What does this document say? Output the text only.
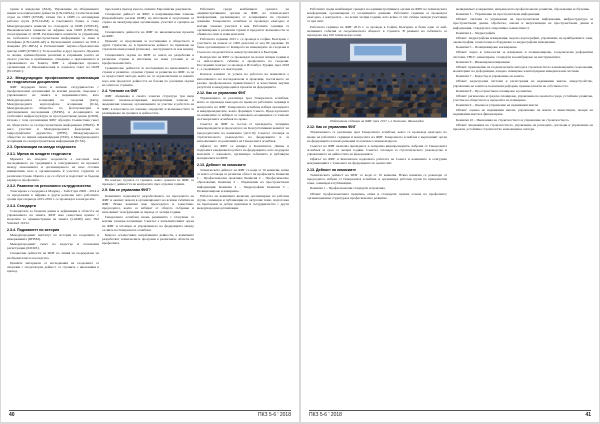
храни и земеделие (FAO), Управление на Обединените нации за космическите дейности (UN-OOSA), Статистическия отдел на ООН (UNSD). Освен тях в ООН са ангажирани работна група (UN-GGIM) и Световната банка, в също Международната комисия по стандарти за ООН (UNECE), Икономическата комисия на Африка към ООН (UNECA), споразумение от ООН. Регионалните комитети за управление на глобалната геопространствена информация за Азия и Пасифика (UN-GGIM-AP) и Регионалният комитет на SDI в Америка (PC-IDEA) и Регионалният научно-образователен център ООН (UNRCC). Този колебае и друг проекта. Проекти за оказва, единнообразни различни и загрижени ролята на своето участие в пребиваване, отвъдване о приложението и управлението на Земята, ФИГ е официален проекта организация от Икономическия и социален съвет на ООН (ECOSOC).

2.2. Международни професионални организации по геодезическа дисциплина

ФИГ поддържа тясно и активно сътрудничество с професионални организации по всички раздели, свързани с управлението на земята и недвижимостите, като Международната асоциация по геодезия (IAG), Международната картографска асоциация (ICA), Международното общество по фотограметрия и дистанционни изследвания (ISPRS), и Асоциацията на глобалната инфраструктура за пространствени данни (GSDI). Основа с тези организации ФИГ образува Съвместния съвет на обществата за геопространствена информация (JBGIS). В него участват и Международната федерация на хидрографските дружества (IFHS), Международното общество по минна маркшайдерия (ISM), и Международната асоциация по геопространствена информация (ICSU).

2.3. Организации на млади геодезисти
2.3.1. Мрежа на младите геодезисти

Мрежата на младите геодезисти е насочена към наследяването на традициите и осигуряването на връзката между поколенията и организирането на вече стотина инициативи, като в организациите й участват студенти от различни страни. Идеята е да се обучат и подготвят за бъдеща кариера в професията.

2.3.2. Развитие на регионално сътрудничество

Тази мрежа е създадена в Мадрид – Тайл Гаун 2008 – 2014 и се продължава в Африка и други региони, като работните срещи през периода 2015-2016 г. се провеждат в конгресите.

2.3.3. Стандарти

Стандартите за базисни данни и дефиниции в областта на управлението на земята, ФИГ има съществен принос с моделите за администрация на земята (LADM) като ISO Standard 19152.

2.3.4. Подкомитет по история

Международният институт по история на геодезията и измерванията (IIHSM).

Международният съвет по кадастър и поземлени регистрации (IOCRE).

Специални дейности на ФИГ по линия на поддържане на изобразителното наследство.

Ценните материали от изследвания на геодезията са свързани с плодотворна дейност от страните с икономики в преход.

пресечната преход към по-силните Европейски документи.

Специално дейност на ФИГ, в комуникационни членове (Европейските регион ООН), на изготвени и подготвени от страна на международни организации, участват в срещите на ФИГ.

Специалните дейности на ФИГ по икономически проекти на ФИГ.

Приемат се проучвания за постижения в обществото и други стратегии, до и практическа дейност по приемане на стратегическия развой (планове) – инструменти за нов начин).

Специалните задачи на ФИГ за опита на разработки в различни страни и изготвяне на нови условия и за професионалистите.

Сравнително дейности за изследвания на икономиката на страни в развитие, отделни страни за развитие на ФИГ, за да се предоставят методи, които не са задоволителни за нашите хора или предлагат дейността на базови по различни задачи на опита на страните.

2.4. Членове на ФИГ

ФИГ обединява в своята членска структура три вида членове: членове-асоциации, корпоративни членове и академични членове; организациите за участие в работата на ФИГ, в качеството на членове, определят и възможностите за разширяване на срещите и дейностите.

На конгрес групата от срещата, която срещата на ФИГ, се проведе с дейността на конгресите през отделни години.

2.5. Как се управлява ФИГ?

Комисиите подпомагат разработването на програмата на ФИГ и оказват помощ в организирането на всички събития на ФИГ. Всяка комисия има председател и заместник-председател, които се избират от общото събрание и изпълняват тези функции за период от четири години.

Генералната асамблея взема решенията с гласуване от всички членове-асоциации. Съветът е изпълнителният орган на ФИГ и отговаря за управлението на федерацията между сесиите на Генералната асамблея.

Бюрото осъществява оперативните дейности, а комисиите разработват техническите програми в различните области на професията.

Работните среди комбинират срещата на административните органи на ФИГ, на техническата конференция, организирана от асоциациите на страната домакин. Генералната асамблея се провежда ежегодно и всички членове участват в нея. Работните седмици са организирани в различни страни и предлагат възможности за обмяна на опит и нови контакти.

Работната седмица 2015 г. се проведе в София, България, с участието на повече от 1000 делегати от над 80 държави. Тя беше организирана от Камарата на инженерите по геодезия и Съюза на геодезистите и земеустроителите в България.

Конгресите на ФИГ се провеждат на всеки четири години и са най-голямото събитие в професията по геодезия. Последният конгрес се проведе в Истанбул, Турция, през 2018 г., а следващият е в Амстердам.

Ключов елемент за успеха на работата на комисиите е използването на изследователи и практици, постигането на реална професионална приемственост и качествени научни резултати в международните проекти на федерацията.

2.12. Как се управлява ФИГ

Управлението се реализира чрез Генералната асамблея, която се провежда ежегодно по време на работните седмици и конгресите на ФИГ. Генералната асамблея избира президента и вицепрезидентите, които формират Съвета. Председателите на комисиите се избират от членовете-асоциации и са членове на Генералната асамблея по право.

Съветът на ФИГ се състои от президента, четирима вицепрезиденти и председател на Консултативния комитет на председателите на комисиите (ACCO). Съветът отговаря за стратегическото ръководство на федерацията и за изпълнението на решенията на Генералната асамблея.

Офисът на ФИГ се намира в Копенхаген, Дания, и подпомага ежедневната работа на федерацията, като поддържа контакти с членовете, организира събитията и публикува материалите на ФИГ.

2.13. Дейност на комисиите

Техническата дейност на ФИГ се води от 10 комисии, всяка от които отговаря за различна област на професията. Комисия 1 – Професионална практика; Комисия 2 – Професионално образование; Комисия 3 – Управление на пространствена информация; Комисия 4 – Хидрография; Комисия 5 – Позициониране и измерване.

Работата на комисиите включва организиране на работни групи, семинари и публикации по актуални теми, подготовка на препоръки за добри практики и сътрудничество с други международни организации.

40	ПКЗ 5-6 ' 2018

Работните среди комбинират срещата на административните органи на ФИГ на техническата конференция, организирана от асоциацията домакин. Работните седмици се провеждат ежегодно, а конгресите – на всеки четири години, като всяка от тях събира хиляди участници от цял свят.

Работната седмица на ФИГ 2015 г. се проведе в София, България, и беше едно от най-значимите събития за геодезическата общност в страната. В рамките на събитието се проведоха над 100 технически сесии.

Работната седмица на ФИГ през 2017 г. в Хелзинки, Финландия
2.12. Как се управлява ФИГ

Управлението се реализира чрез Генералната асамблея, която се провежда ежегодно по време на работните седмици и конгресите на ФИГ. Генералната асамблея е върховният орган на федерацията и взема решения по всички основни въпроси.

Съветът на ФИГ включва президента и четирима вицепрезиденти, избрани от Генералната асамблея за срок от четири години. Съветът отговаря за стратегическото ръководство и управлението на дейностите на федерацията.

Офисът на ФИГ в Копенхаген подпомага работата на Съвета и комисиите и осигурява комуникацията с членовете на федерацията по целия свят.

2.13. Дейност на комисиите

Техническата дейност на ФИГ се води от 10 комисии. Всяка комисия се ръководи от председател, избран от Генералната асамблея, и организира работни групи по приоритетни теми, семинари и публикации.

Комисия 1 – Професионални стандарти и практика.

Обхват: професионалната практика, етика и стандарти; правна основа на професията; организационни структури и професионално развитие.

мениджмънт и маркетинг, непрекъснато професионално развитие, образование и обучение.

Комисия 3 – Управление на пространствена информация.

Обхват: системи за управление на пространствена информация, инфраструктура за пространствени данни, обработка, анализ и визуализация на пространствени данни и информация, стандарти и оперативна съвместимост.

Комисия 4 – Хидрография.

Обхват: хидрографски измервания, морска картография, управление на крайбрежните зони, океанография, технологии и оборудване за хидрографски измервания.

Комисия 5 – Позициониране и измерване.

Обхват: наука и технология за измерване и позициониране, геодезически референтни системи, ГНСС, нивелиране, стандарти и калибриране на инструментите.

Комисия 6 – Инженерни измервания.

Обхват: приложение на геодезическите методи в строителството и инженерните съоръжения, мониторинг на деформации, лазерно сканиране и интегрирани измервателни системи.

Комисия 7 – Кадастър и управление на земята.

Обхват: кадастрални системи и регистрация на недвижими имоти, земеустройство, управление на земята и поземлени реформи, правни аспекти на собствеността.

Комисия 8 – Пространствено планиране и развитие.

Обхват: регионално и градско планиране, управление на околната среда, устойчиво развитие, участие на обществото в процесите на планиране.

Комисия 9 – Оценка и управление на недвижими имоти.

Обхват: оценка на недвижими имоти, управление на имоти и инвестиции, пазари на недвижими имоти и финансиране.

Комисия 10 – Икономика на строителството и управление на строителството.

Обхват: икономика на строителството, управление на разходите, договори и управление на проекти, устойчиво строителство и иновации в сектора.

ПКЗ 5-6 ' 2018	41
